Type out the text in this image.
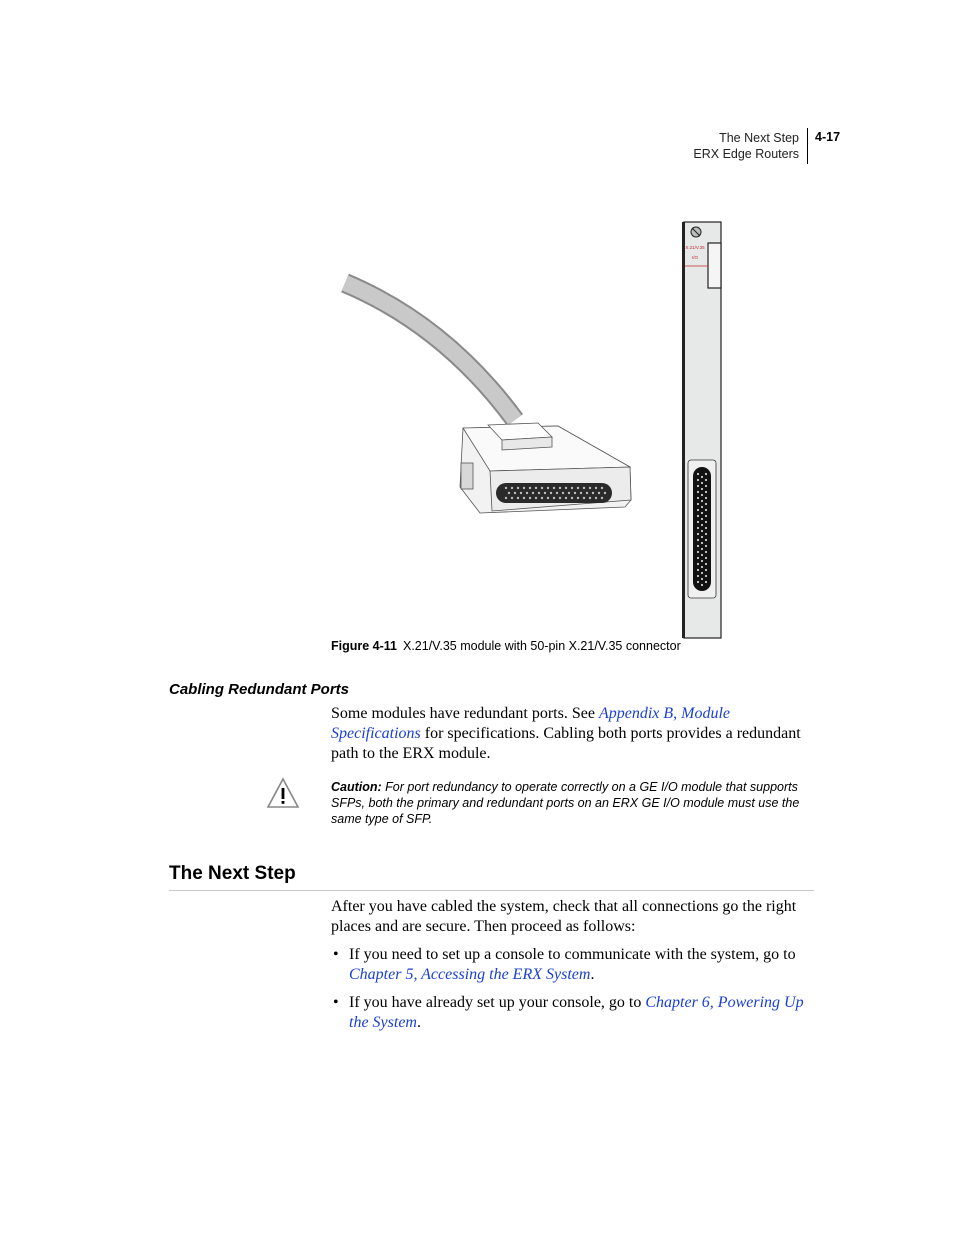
The Next Step
ERX Edge Routers
4-17
X.21/V.35
I/O
Figure 4-11 X.21/V.35 module with 50-pin X.21/V.35 connector
Cabling Redundant Ports
Some modules have redundant ports. See Appendix B, Module Specifications for specifications. Cabling both ports provides a redundant path to the ERX module.
Caution: For port redundancy to operate correctly on a GE I/O module that supports SFPs, both the primary and redundant ports on an ERX GE I/O module must use the same type of SFP.
The Next Step
After you have cabled the system, check that all connections go the right places and are secure. Then proceed as follows:
• If you need to set up a console to communicate with the system, go to Chapter 5, Accessing the ERX System.
• If you have already set up your console, go to Chapter 6, Powering Up the System.
